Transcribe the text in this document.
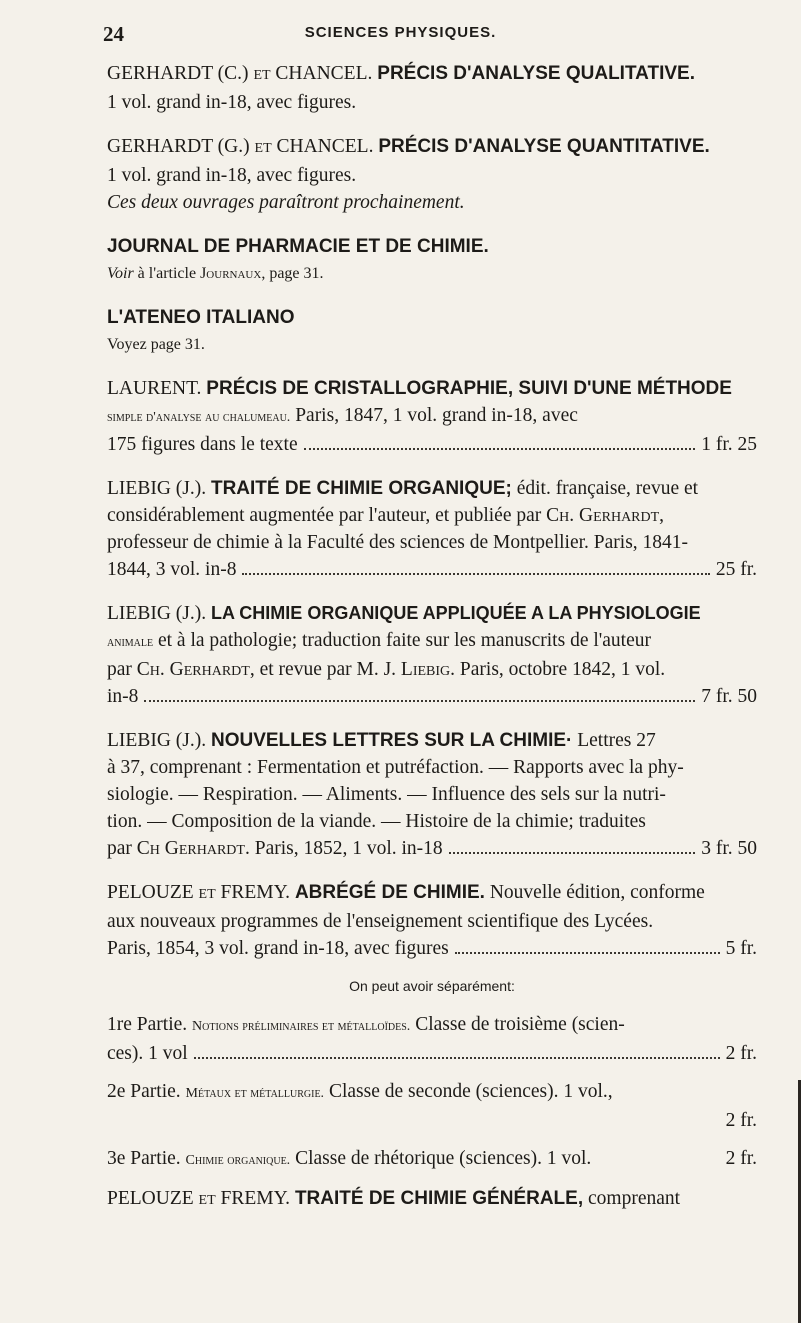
24	SCIENCES PHYSIQUES.

GERHARDT (C.) ET CHANCEL. PRÉCIS D'ANALYSE QUALITATIVE.

1 vol. grand in-18, avec figures.

GERHARDT (G.) ET CHANCEL. PRÉCIS D'ANALYSE QUANTITATIVE.

1 vol. grand in-18, avec figures.

Ces deux ouvrages paraîtront prochainement.

JOURNAL DE PHARMACIE ET DE CHIMIE.

Voir à l'article Journaux, page 31.

L'ATENEO ITALIANO

Voyez page 31.

LAURENT. PRÉCIS DE CRISTALLOGRAPHIE, SUIVI D'UNE MÉTHODE

simple d'analyse au chalumeau. Paris, 1847, 1 vol. grand in-18, avec

175 figures dans le texte	1 fr. 25

LIEBIG (J.). TRAITÉ DE CHIMIE ORGANIQUE; édit. française, revue et

considérablement augmentée par l'auteur, et publiée par Ch. Gerhardt,

professeur de chimie à la Faculté des sciences de Montpellier. Paris, 1841-

1844, 3 vol. in-8	25 fr.

LIEBIG (J.). LA CHIMIE ORGANIQUE APPLIQUÉE A LA PHYSIOLOGIE

animale et à la pathologie; traduction faite sur les manuscrits de l'auteur

par Ch. Gerhardt, et revue par M. J. Liebig. Paris, octobre 1842, 1 vol.

in-8	7 fr. 50

LIEBIG (J.). NOUVELLES LETTRES SUR LA CHIMIE· Lettres 27

à 37, comprenant : Fermentation et putréfaction. — Rapports avec la phy-

siologie. — Respiration. — Aliments. — Influence des sels sur la nutri-

tion. — Composition de la viande. — Histoire de la chimie; traduites

par Ch Gerhardt. Paris, 1852, 1 vol. in-18	3 fr. 50

PELOUZE ET FREMY. ABRÉGÉ DE CHIMIE. Nouvelle édition, conforme

aux nouveaux programmes de l'enseignement scientifique des Lycées.

Paris, 1854, 3 vol. grand in-18, avec figures	5 fr.

On peut avoir séparément:

1re Partie. Notions préliminaires et métalloïdes. Classe de troisième (scien-

ces). 1 vol	2 fr.

2e Partie. Métaux et métallurgie. Classe de seconde (sciences). 1 vol.,

2 fr.

3e Partie. Chimie organique. Classe de rhétorique (sciences). 1 vol.	2 fr.

PELOUZE ET FREMY. TRAITÉ DE CHIMIE GÉNÉRALE, comprenant
